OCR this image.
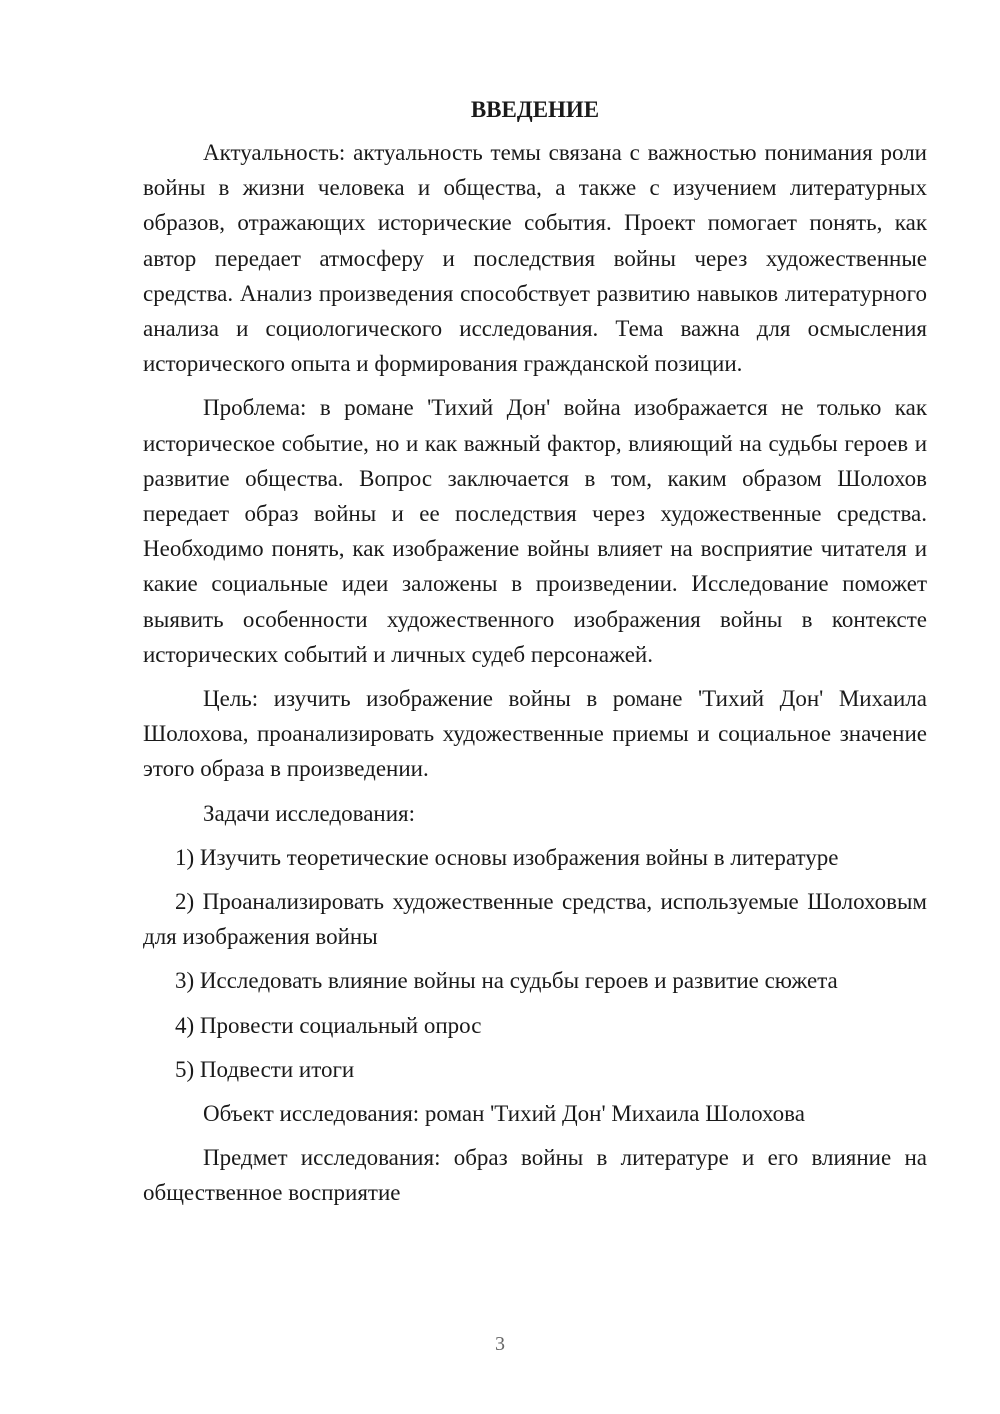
ВВЕДЕНИЕ

Актуальность: актуальность темы связана с важностью понимания роли войны в жизни человека и общества, а также с изучением литературных образов, отражающих исторические события. Проект помогает понять, как автор передает атмосферу и последствия войны через художественные средства. Анализ произведения способствует развитию навыков литературного анализа и социологического исследования. Тема важна для осмысления исторического опыта и формирования гражданской позиции.

Проблема: в романе 'Тихий Дон' война изображается не только как историческое событие, но и как важный фактор, влияющий на судьбы героев и развитие общества. Вопрос заключается в том, каким образом Шолохов передает образ войны и ее последствия через художественные средства. Необходимо понять, как изображение войны влияет на восприятие читателя и какие социальные идеи заложены в произведении. Исследование поможет выявить особенности художественного изображения войны в контексте исторических событий и личных судеб персонажей.

Цель: изучить изображение войны в романе 'Тихий Дон' Михаила Шолохова, проанализировать художественные приемы и социальное значение этого образа в произведении.

Задачи исследования:

1) Изучить теоретические основы изображения войны в литературе

2) Проанализировать художественные средства, используемые Шолоховым для изображения войны

3) Исследовать влияние войны на судьбы героев и развитие сюжета

4) Провести социальный опрос

5) Подвести итоги

Объект исследования: роман 'Тихий Дон' Михаила Шолохова

Предмет исследования: образ войны в литературе и его влияние на общественное восприятие

3
